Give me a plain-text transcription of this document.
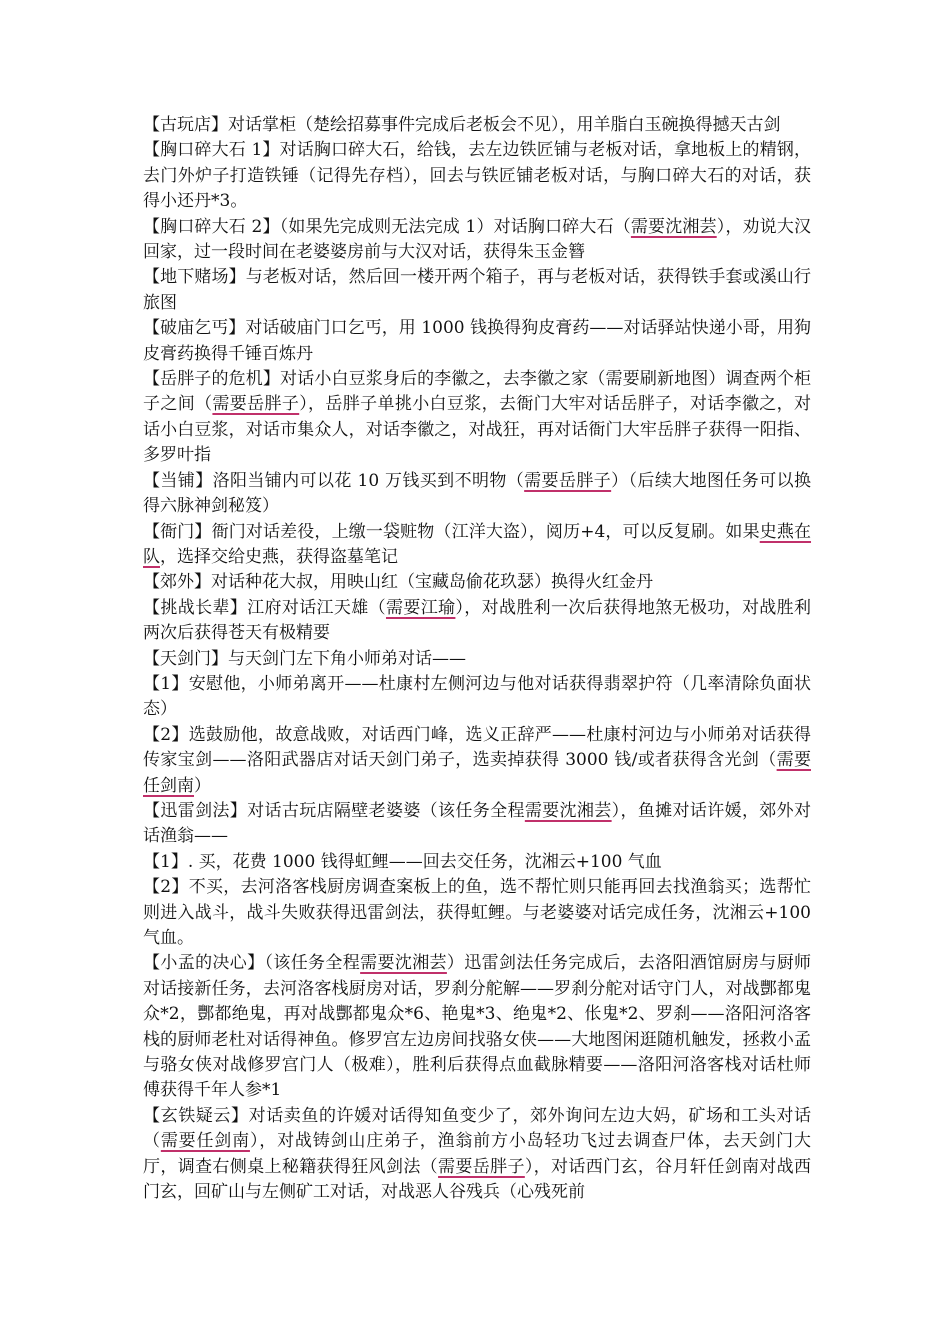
【古玩店】对话掌柜（楚绘招募事件完成后老板会不见），用羊脂白玉碗换得撼天古剑

【胸口碎大石 1】对话胸口碎大石，给钱，去左边铁匠铺与老板对话，拿地板上的精钢，去门外炉子打造铁锤（记得先存档），回去与铁匠铺老板对话，与胸口碎大石的对话，获得小还丹*3。

【胸口碎大石 2】（如果先完成则无法完成 1）对话胸口碎大石（需要沈湘芸），劝说大汉回家，过一段时间在老婆婆房前与大汉对话，获得朱玉金簪

【地下赌场】与老板对话，然后回一楼开两个箱子，再与老板对话，获得铁手套或溪山行旅图

【破庙乞丐】对话破庙门口乞丐，用 1000 钱换得狗皮膏药——对话驿站快递小哥，用狗皮膏药换得千锤百炼丹

【岳胖子的危机】对话小白豆浆身后的李徽之，去李徽之家（需要刷新地图）调查两个柜子之间（需要岳胖子），岳胖子单挑小白豆浆，去衙门大牢对话岳胖子，对话李徽之，对话小白豆浆，对话市集众人，对话李徽之，对战狂，再对话衙门大牢岳胖子获得一阳指、多罗叶指

【当铺】洛阳当铺内可以花 10 万钱买到不明物（需要岳胖子）（后续大地图任务可以换得六脉神剑秘笈）

【衙门】衙门对话差役，上缴一袋赃物（江洋大盗），阅历+4，可以反复刷。如果史燕在队，选择交给史燕，获得盗墓笔记

【郊外】对话种花大叔，用映山红（宝藏岛偷花玖瑟）换得火红金丹

【挑战长辈】江府对话江天雄（需要江瑜），对战胜利一次后获得地煞无极功，对战胜利两次后获得苍天有极精要

【天剑门】与天剑门左下角小师弟对话——

【1】安慰他，小师弟离开——杜康村左侧河边与他对话获得翡翠护符（几率清除负面状态）

【2】选鼓励他，故意战败，对话西门峰，选义正辞严——杜康村河边与小师弟对话获得传家宝剑——洛阳武器店对话天剑门弟子，选卖掉获得 3000 钱/或者获得含光剑（需要任剑南）

【迅雷剑法】对话古玩店隔壁老婆婆（该任务全程需要沈湘芸），鱼摊对话许媛，郊外对话渔翁——

【1】. 买，花费 1000 钱得虹鲤——回去交任务，沈湘云+100 气血

【2】不买，去河洛客栈厨房调查案板上的鱼，选不帮忙则只能再回去找渔翁买；选帮忙则进入战斗，战斗失败获得迅雷剑法，获得虹鲤。与老婆婆对话完成任务，沈湘云+100 气血。

【小孟的决心】（该任务全程需要沈湘芸）迅雷剑法任务完成后，去洛阳酒馆厨房与厨师对话接新任务，去河洛客栈厨房对话，罗刹分舵解——罗刹分舵对话守门人，对战酆都鬼众*2，酆都绝鬼，再对战酆都鬼众*6、艳鬼*3、绝鬼*2、伥鬼*2、罗刹——洛阳河洛客栈的厨师老杜对话得神鱼。修罗宫左边房间找骆女侠——大地图闲逛随机触发，拯救小孟与骆女侠对战修罗宫门人（极难），胜利后获得点血截脉精要——洛阳河洛客栈对话杜师傅获得千年人参*1

【玄铁疑云】对话卖鱼的许媛对话得知鱼变少了，郊外询问左边大妈，矿场和工头对话（需要任剑南），对战铸剑山庄弟子，渔翁前方小岛轻功飞过去调查尸体，去天剑门大厅，调查右侧桌上秘籍获得狂风剑法（需要岳胖子），对话西门玄，谷月轩任剑南对战西门玄，回矿山与左侧矿工对话，对战恶人谷残兵（心残死前
